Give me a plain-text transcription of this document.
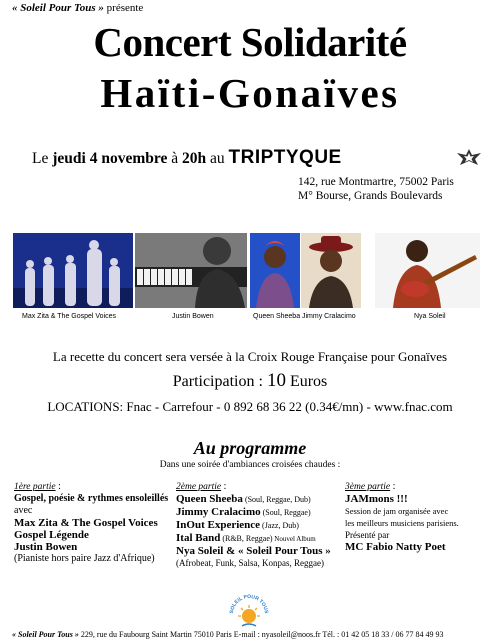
« Soleil Pour Tous » présente
Concert Solidarité
Haïti-Gonaïves
Le jeudi 4 novembre à 20h au TRIPTYQUE
142, rue Montmartre, 75002 Paris
M° Bourse, Grands Boulevards
Max Zita & The Gospel Voices	Justin Bowen	Queen Sheeba Jimmy Cralacimo	Nya Soleil
La recette du concert sera versée à la Croix Rouge Française pour Gonaïves
Participation : 10 Euros
LOCATIONS: Fnac - Carrefour - 0 892 68 36 22 (0.34€/mn) - www.fnac.com
Au programme
Dans une soirée d'ambiances croisées chaudes :
1ère partie :
Gospel, poésie & rythmes ensoleillés
avec
Max Zita & The Gospel Voices
Gospel Légende
Justin Bowen
(Pianiste hors paire Jazz d'Afrique)
2ème partie :
Queen Sheeba (Soul, Reggae, Dub)
Jimmy Cralacimo (Soul, Reggae)
InOut Experience (Jazz, Dub)
Ital Band (R&B, Reggae) Nouvel Album
Nya Soleil & « Soleil Pour Tous »
(Afrobeat, Funk, Salsa, Konpas, Reggae)
3ème partie :
JAMmons !!!
Session de jam organisée avec
les meilleurs musiciens parisiens.
Présenté par
MC Fabio Natty Poet
SOLEIL POUR TOUS
« Soleil Pour Tous » 229, rue du Faubourg Saint Martin 75010 Paris E-mail : nyasoleil@noos.fr Tél. : 01 42 05 18 33 / 06 77 84 49 93
